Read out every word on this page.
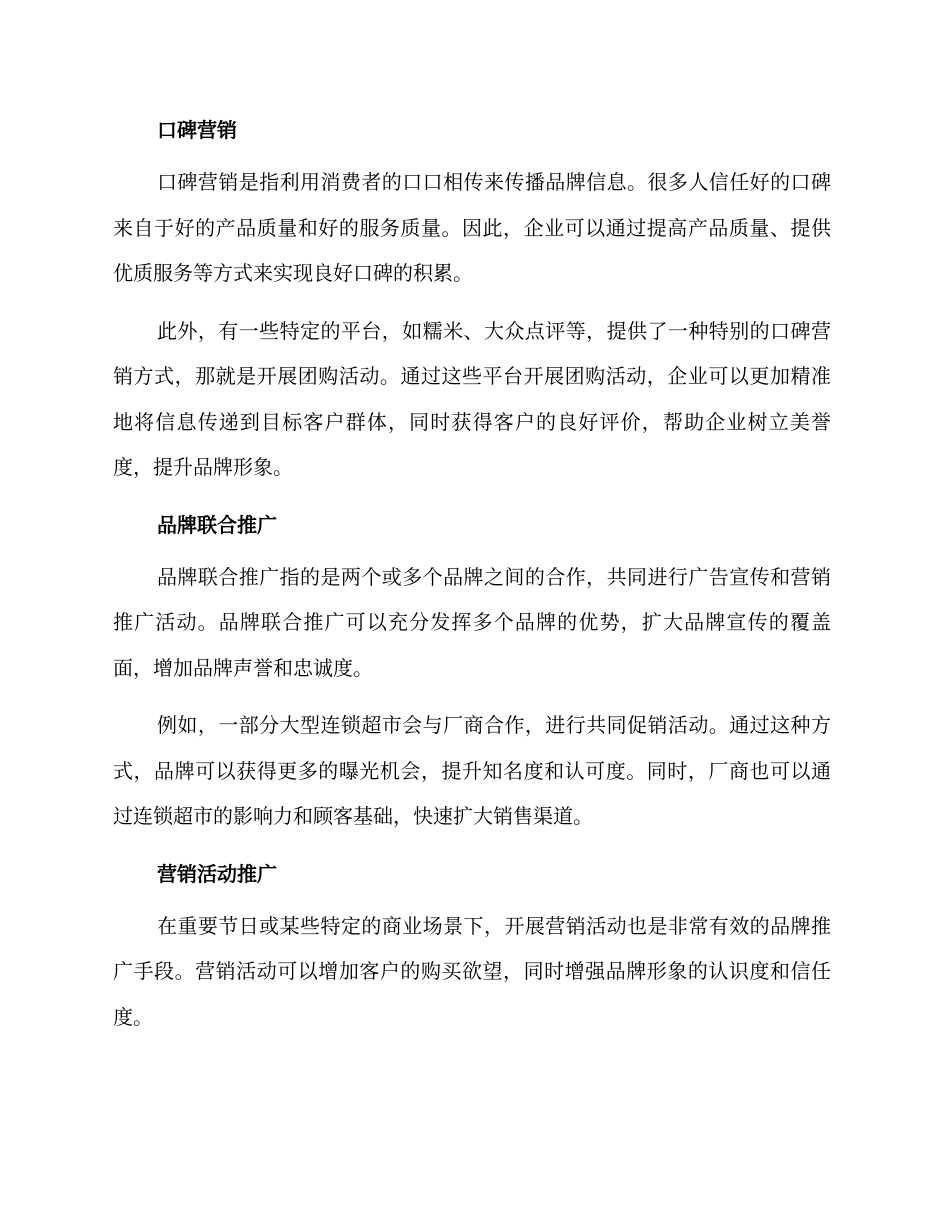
口碑营销

口碑营销是指利用消费者的口口相传来传播品牌信息。很多人信任好的口碑来自于好的产品质量和好的服务质量。因此，企业可以通过提高产品质量、提供优质服务等方式来实现良好口碑的积累。

此外，有一些特定的平台，如糯米、大众点评等，提供了一种特别的口碑营销方式，那就是开展团购活动。通过这些平台开展团购活动，企业可以更加精准地将信息传递到目标客户群体，同时获得客户的良好评价，帮助企业树立美誉度，提升品牌形象。

品牌联合推广

品牌联合推广指的是两个或多个品牌之间的合作，共同进行广告宣传和营销推广活动。品牌联合推广可以充分发挥多个品牌的优势，扩大品牌宣传的覆盖面，增加品牌声誉和忠诚度。

例如，一部分大型连锁超市会与厂商合作，进行共同促销活动。通过这种方式，品牌可以获得更多的曝光机会，提升知名度和认可度。同时，厂商也可以通过连锁超市的影响力和顾客基础，快速扩大销售渠道。

营销活动推广

在重要节日或某些特定的商业场景下，开展营销活动也是非常有效的品牌推广手段。营销活动可以增加客户的购买欲望，同时增强品牌形象的认识度和信任度。
